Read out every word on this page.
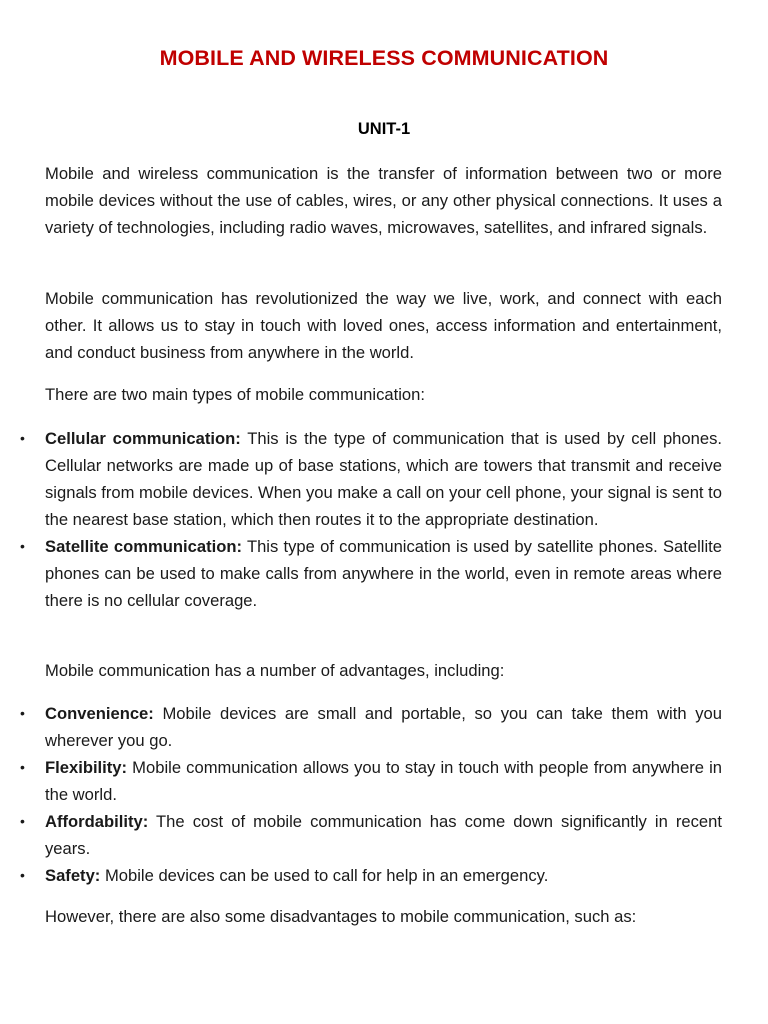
MOBILE AND WIRELESS COMMUNICATION
UNIT-1

Mobile and wireless communication is the transfer of information between two or more mobile devices without the use of cables, wires, or any other physical connections. It uses a variety of technologies, including radio waves, microwaves, satellites, and infrared signals.

Mobile communication has revolutionized the way we live, work, and connect with each other. It allows us to stay in touch with loved ones, access information and entertainment, and conduct business from anywhere in the world.

There are two main types of mobile communication:

• Cellular communication: This is the type of communication that is used by cell phones. Cellular networks are made up of base stations, which are towers that transmit and receive signals from mobile devices. When you make a call on your cell phone, your signal is sent to the nearest base station, which then routes it to the appropriate destination.
• Satellite communication: This type of communication is used by satellite phones. Satellite phones can be used to make calls from anywhere in the world, even in remote areas where there is no cellular coverage.

Mobile communication has a number of advantages, including:

• Convenience: Mobile devices are small and portable, so you can take them with you wherever you go.
• Flexibility: Mobile communication allows you to stay in touch with people from anywhere in the world.
• Affordability: The cost of mobile communication has come down significantly in recent years.
• Safety: Mobile devices can be used to call for help in an emergency.

However, there are also some disadvantages to mobile communication, such as:
